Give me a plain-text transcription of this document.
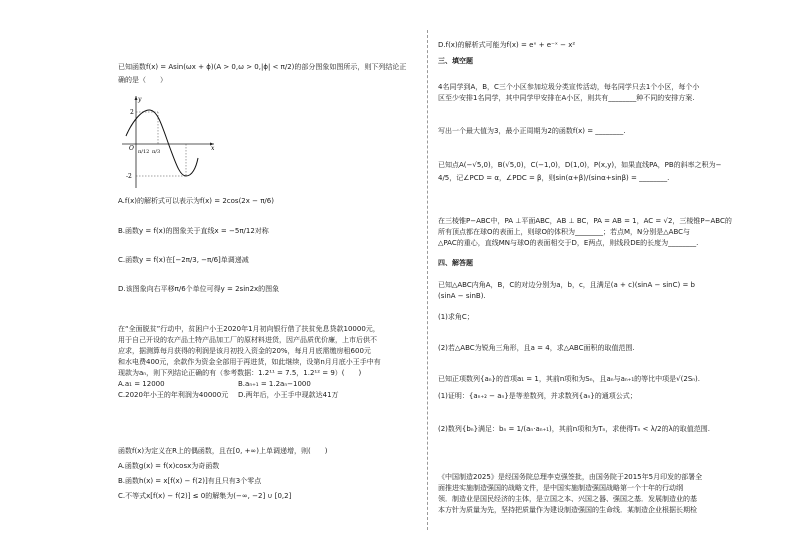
已知函数f(x) = Asin(ωx + ϕ)(A > 0,ω > 0,|ϕ| < π/2)的部分图象如图所示，则下列结论正
确的是（　　）
y
x
O
2
-2
π/12 π/3
A.f(x)的解析式可以表示为f(x) = 2cos(2x − π/6)
B.函数y = f(x)的图象关于直线x = −5π/12对称
C.函数y = f(x)在[−2π/3, −π/6]单调递减
D.该图象向右平移π/6个单位可得y = 2sin2x的图象
在“全面脱贫”行动中，贫困户小王2020年1月初向银行借了扶贫免息贷款10000元，
用于自己开设的农产品土特产品加工厂的原材料进货，因产品质优价廉，上市后供不
应求，据测算每月获得的利润是该月初投入资金的20%，每月月底需缴房租600元
和水电费400元，余款作为资金全部用于再进货，如此继续，设第n月月底小王手中有
现款为aₙ，则下列结论正确的有（参考数据：1.2¹¹ = 7.5，1.2¹² = 9）(　　)
A.a₁ = 12000	B.aₙ₊₁ = 1.2aₙ−1000
C.2020年小王的年利润为40000元 D.两年后，小王手中现款达41万
函数f(x)为定义在R上的偶函数，且在[0, +∞)上单调递增，则(　　)
A.函数g(x) = f(x)cosx为奇函数
B.函数h(x) = x[f(x) − f(2)]有且只有3个零点
C.不等式x[f(x) − f(2)] ≤ 0的解集为(−∞, −2] ∪ [0,2]
D.f(x)的解析式可能为f(x) = eˣ + e⁻ˣ − x²
三、填空题
4名同学到A，B，C三个小区参加垃圾分类宣传活动，每名同学只去1个小区，每个小
区至少安排1名同学，其中同学甲安排在A小区，则共有________种不同的安排方案.
写出一个最大值为3，最小正周期为2的函数f(x) = ________.
已知点A(−√5,0)，B(√5,0)，C(−1,0)，D(1,0)，P(x,y)，如果直线PA，PB的斜率之积为−
4/5，记∠PCD = α，∠PDC = β，则sin(α+β)/(sinα+sinβ) = ________.
在三棱锥P−ABC中，PA ⊥平面ABC，AB ⊥ BC，PA = AB = 1，AC = √2，三棱锥P−ABC的
所有顶点都在球O的表面上，则球O的体积为________；若点M，N分别是△ABC与
△PAC的重心，直线MN与球O的表面相交于D，E两点，则线段DE的长度为________.
四、解答题
已知△ABC内角A，B，C的对边分别为a，b，c，且满足(a + c)(sinA − sinC) = b
(sinA − sinB).
(1)求角C；
(2)若△ABC为锐角三角形，且a = 4，求△ABC面积的取值范围.
已知正项数列{aₙ}的首项a₁ = 1，其前n项和为Sₙ，且aₙ与aₙ₊₁的等比中项是√(2Sₙ).
(1)证明：{aₙ₊₂ − aₙ}是等差数列，并求数列{aₙ}的通项公式；
(2)数列{bₙ}满足：bₙ = 1/(aₙ·aₙ₊₁)，其前n项和为Tₙ，求使得Tₙ < λ/2的λ的取值范围.
《中国制造2025》是经国务院总理李克强签批，由国务院于2015年5月印发的部署全
面推进实施制造强国的战略文件，是中国实施制造强国战略第一个十年的行动纲
领．制造业是国民经济的主体，是立国之本、兴国之器、强国之基．发展制造业的基
本方针为质量为先，坚持把质量作为建设制造强国的生命线．某制造企业根据长期检
